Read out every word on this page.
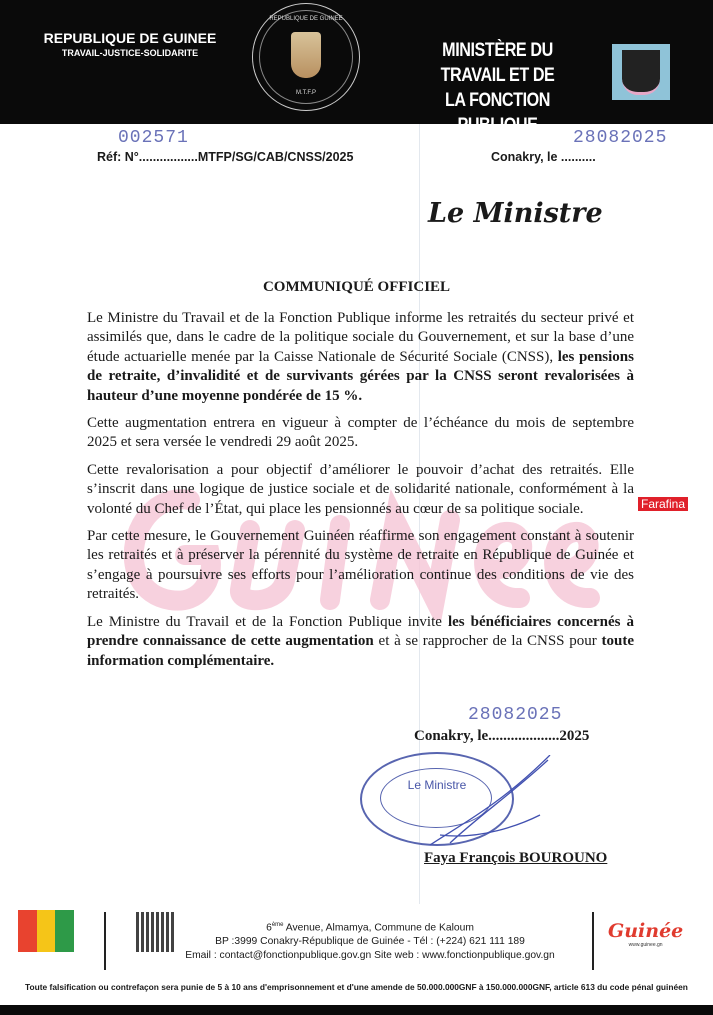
REPUBLIQUE DE GUINEE
TRAVAIL-JUSTICE-SOLIDARITE
REPUBLIQUE DE GUINEE
M.T.F.P
MINISTÈRE DU TRAVAIL ET DE
LA FONCTION PUBLIQUE
002571
Réf: N°.................MTFP/SG/CAB/CNSS/2025
28082025
Conakry, le ..........
Le Ministre
COMMUNIQUÉ OFFICIEL

Le Ministre du Travail et de la Fonction Publique informe les retraités du secteur privé et assimilés que, dans le cadre de la politique sociale du Gouvernement, et sur la base d’une étude actuarielle menée par la Caisse Nationale de Sécurité Sociale (CNSS), les pensions de retraite, d’invalidité et de survivants gérées par la CNSS seront revalorisées à hauteur d’une moyenne pondérée de 15 %.

Cette augmentation entrera en vigueur à compter de l’échéance du mois de septembre 2025 et sera versée le vendredi 29 août 2025.

Cette revalorisation a pour objectif d’améliorer le pouvoir d’achat des retraités. Elle s’inscrit dans une logique de justice sociale et de solidarité nationale, conformément à la volonté du Chef de l’État, qui place les pensionnés au cœur de sa politique sociale.

Par cette mesure, le Gouvernement Guinéen réaffirme son engagement constant à soutenir les retraités et à préserver la pérennité du système de retraite en République de Guinée et s’engage à poursuivre ses efforts pour l’amélioration continue des conditions de vie des retraités.

Le Ministre du Travail et de la Fonction Publique invite les bénéficiaires concernés à prendre connaissance de cette augmentation et à se rapprocher de la CNSS pour toute information complémentaire.

Farafina
28082025
Conakry, le...................2025
Le Ministre
Faya François BOUROUNO
6ème Avenue, Almamya, Commune de Kaloum
BP :3999 Conakry-République de Guinée - Tél : (+224) 621 111 189
Email : contact@fonctionpublique.gov.gn Site web : www.fonctionpublique.gov.gn
Guinée
www.guinee.gn
Toute falsification ou contrefaçon sera punie de 5 à 10 ans d'emprisonnement et d'une amende de 50.000.000GNF à 150.000.000GNF, article 613 du code pénal guinéen
